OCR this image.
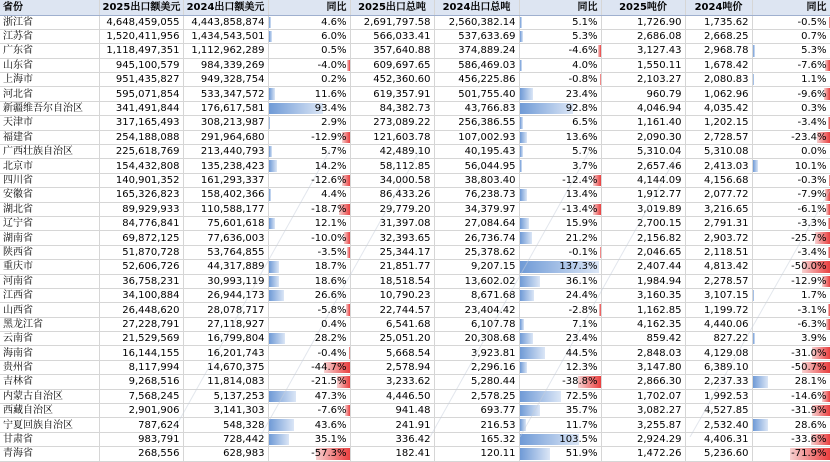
省份	2025出口额美元	2024出口额美元	同比	2025出口总吨	2024出口总吨	同比	2025吨价	2024吨价	同比
浙江省	4,648,459,055	4,443,858,874	4.6%	2,691,797.58	2,560,382.14	5.1%	1,726.90	1,735.62	-0.5%
江苏省	1,520,411,956	1,434,543,501	6.0%	566,033.41	537,633.69	5.3%	2,686.08	2,668.25	0.7%
广东省	1,118,497,351	1,112,962,289	0.5%	357,640.88	374,889.24	-4.6%	3,127.43	2,968.78	5.3%
山东省	945,100,579	984,339,269	-4.0%	609,697.65	586,469.03	4.0%	1,550.11	1,678.42	-7.6%
上海市	951,435,827	949,328,754	0.2%	452,360.60	456,225.86	-0.8%	2,103.27	2,080.83	1.1%
河北省	595,071,854	533,347,572	11.6%	619,357.91	501,755.40	23.4%	960.79	1,062.96	-9.6%
新疆维吾尔自治区	341,491,844	176,617,581	93.4%	84,382.73	43,766.83	92.8%	4,046.94	4,035.42	0.3%
天津市	317,165,493	308,213,987	2.9%	273,089.22	256,386.55	6.5%	1,161.40	1,202.15	-3.4%
福建省	254,188,088	291,964,680	-12.9%	121,603.78	107,002.93	13.6%	2,090.30	2,728.57	-23.4%
广西壮族自治区	225,618,769	213,440,793	5.7%	42,489.10	40,195.43	5.7%	5,310.04	5,310.08	0.0%
北京市	154,432,808	135,238,423	14.2%	58,112.85	56,044.95	3.7%	2,657.46	2,413.03	10.1%
四川省	140,901,352	161,293,337	-12.6%	34,000.58	38,803.40	-12.4%	4,144.09	4,156.68	-0.3%
安徽省	165,326,823	158,402,366	4.4%	86,433.26	76,238.73	13.4%	1,912.77	2,077.72	-7.9%
湖北省	89,929,933	110,588,177	-18.7%	29,779.20	34,379.97	-13.4%	3,019.89	3,216.65	-6.1%
辽宁省	84,776,841	75,601,618	12.1%	31,397.08	27,084.64	15.9%	2,700.15	2,791.31	-3.3%
湖南省	69,872,125	77,636,003	-10.0%	32,393.65	26,736.74	21.2%	2,156.82	2,903.72	-25.7%
陕西省	51,870,728	53,764,855	-3.5%	25,344.17	25,378.62	-0.1%	2,046.65	2,118.51	-3.4%
重庆市	52,606,726	44,317,889	18.7%	21,851.77	9,207.15	137.3%	2,407.44	4,813.42	-50.0%
河南省	36,758,231	30,993,119	18.6%	18,518.54	13,602.02	36.1%	1,984.94	2,278.57	-12.9%
江西省	34,100,884	26,944,173	26.6%	10,790.23	8,671.68	24.4%	3,160.35	3,107.15	1.7%
山西省	26,448,620	28,078,717	-5.8%	22,744.57	23,404.42	-2.8%	1,162.85	1,199.72	-3.1%
黑龙江省	27,228,791	27,118,927	0.4%	6,541.68	6,107.78	7.1%	4,162.35	4,440.06	-6.3%
云南省	21,529,569	16,799,804	28.2%	25,051.20	20,308.68	23.4%	859.42	827.22	3.9%
海南省	16,144,155	16,201,743	-0.4%	5,668.54	3,923.81	44.5%	2,848.03	4,129.08	-31.0%
贵州省	8,117,994	14,670,375	-44.7%	2,578.94	2,296.16	12.3%	3,147.80	6,389.10	-50.7%
吉林省	9,268,516	11,814,083	-21.5%	3,233.62	5,280.44	-38.8%	2,866.30	2,237.33	28.1%
内蒙古自治区	7,568,245	5,137,253	47.3%	4,446.50	2,578.25	72.5%	1,702.07	1,992.53	-14.6%
西藏自治区	2,901,906	3,141,303	-7.6%	941.48	693.77	35.7%	3,082.27	4,527.85	-31.9%
宁夏回族自治区	787,624	548,328	43.6%	241.91	216.53	11.7%	3,255.87	2,532.40	28.6%
甘肃省	983,791	728,442	35.1%	336.42	165.32	103.5%	2,924.29	4,406.31	-33.6%
青海省	268,556	628,983	-57.3%	182.41	120.11	51.9%	1,472.26	5,236.60	-71.9%
